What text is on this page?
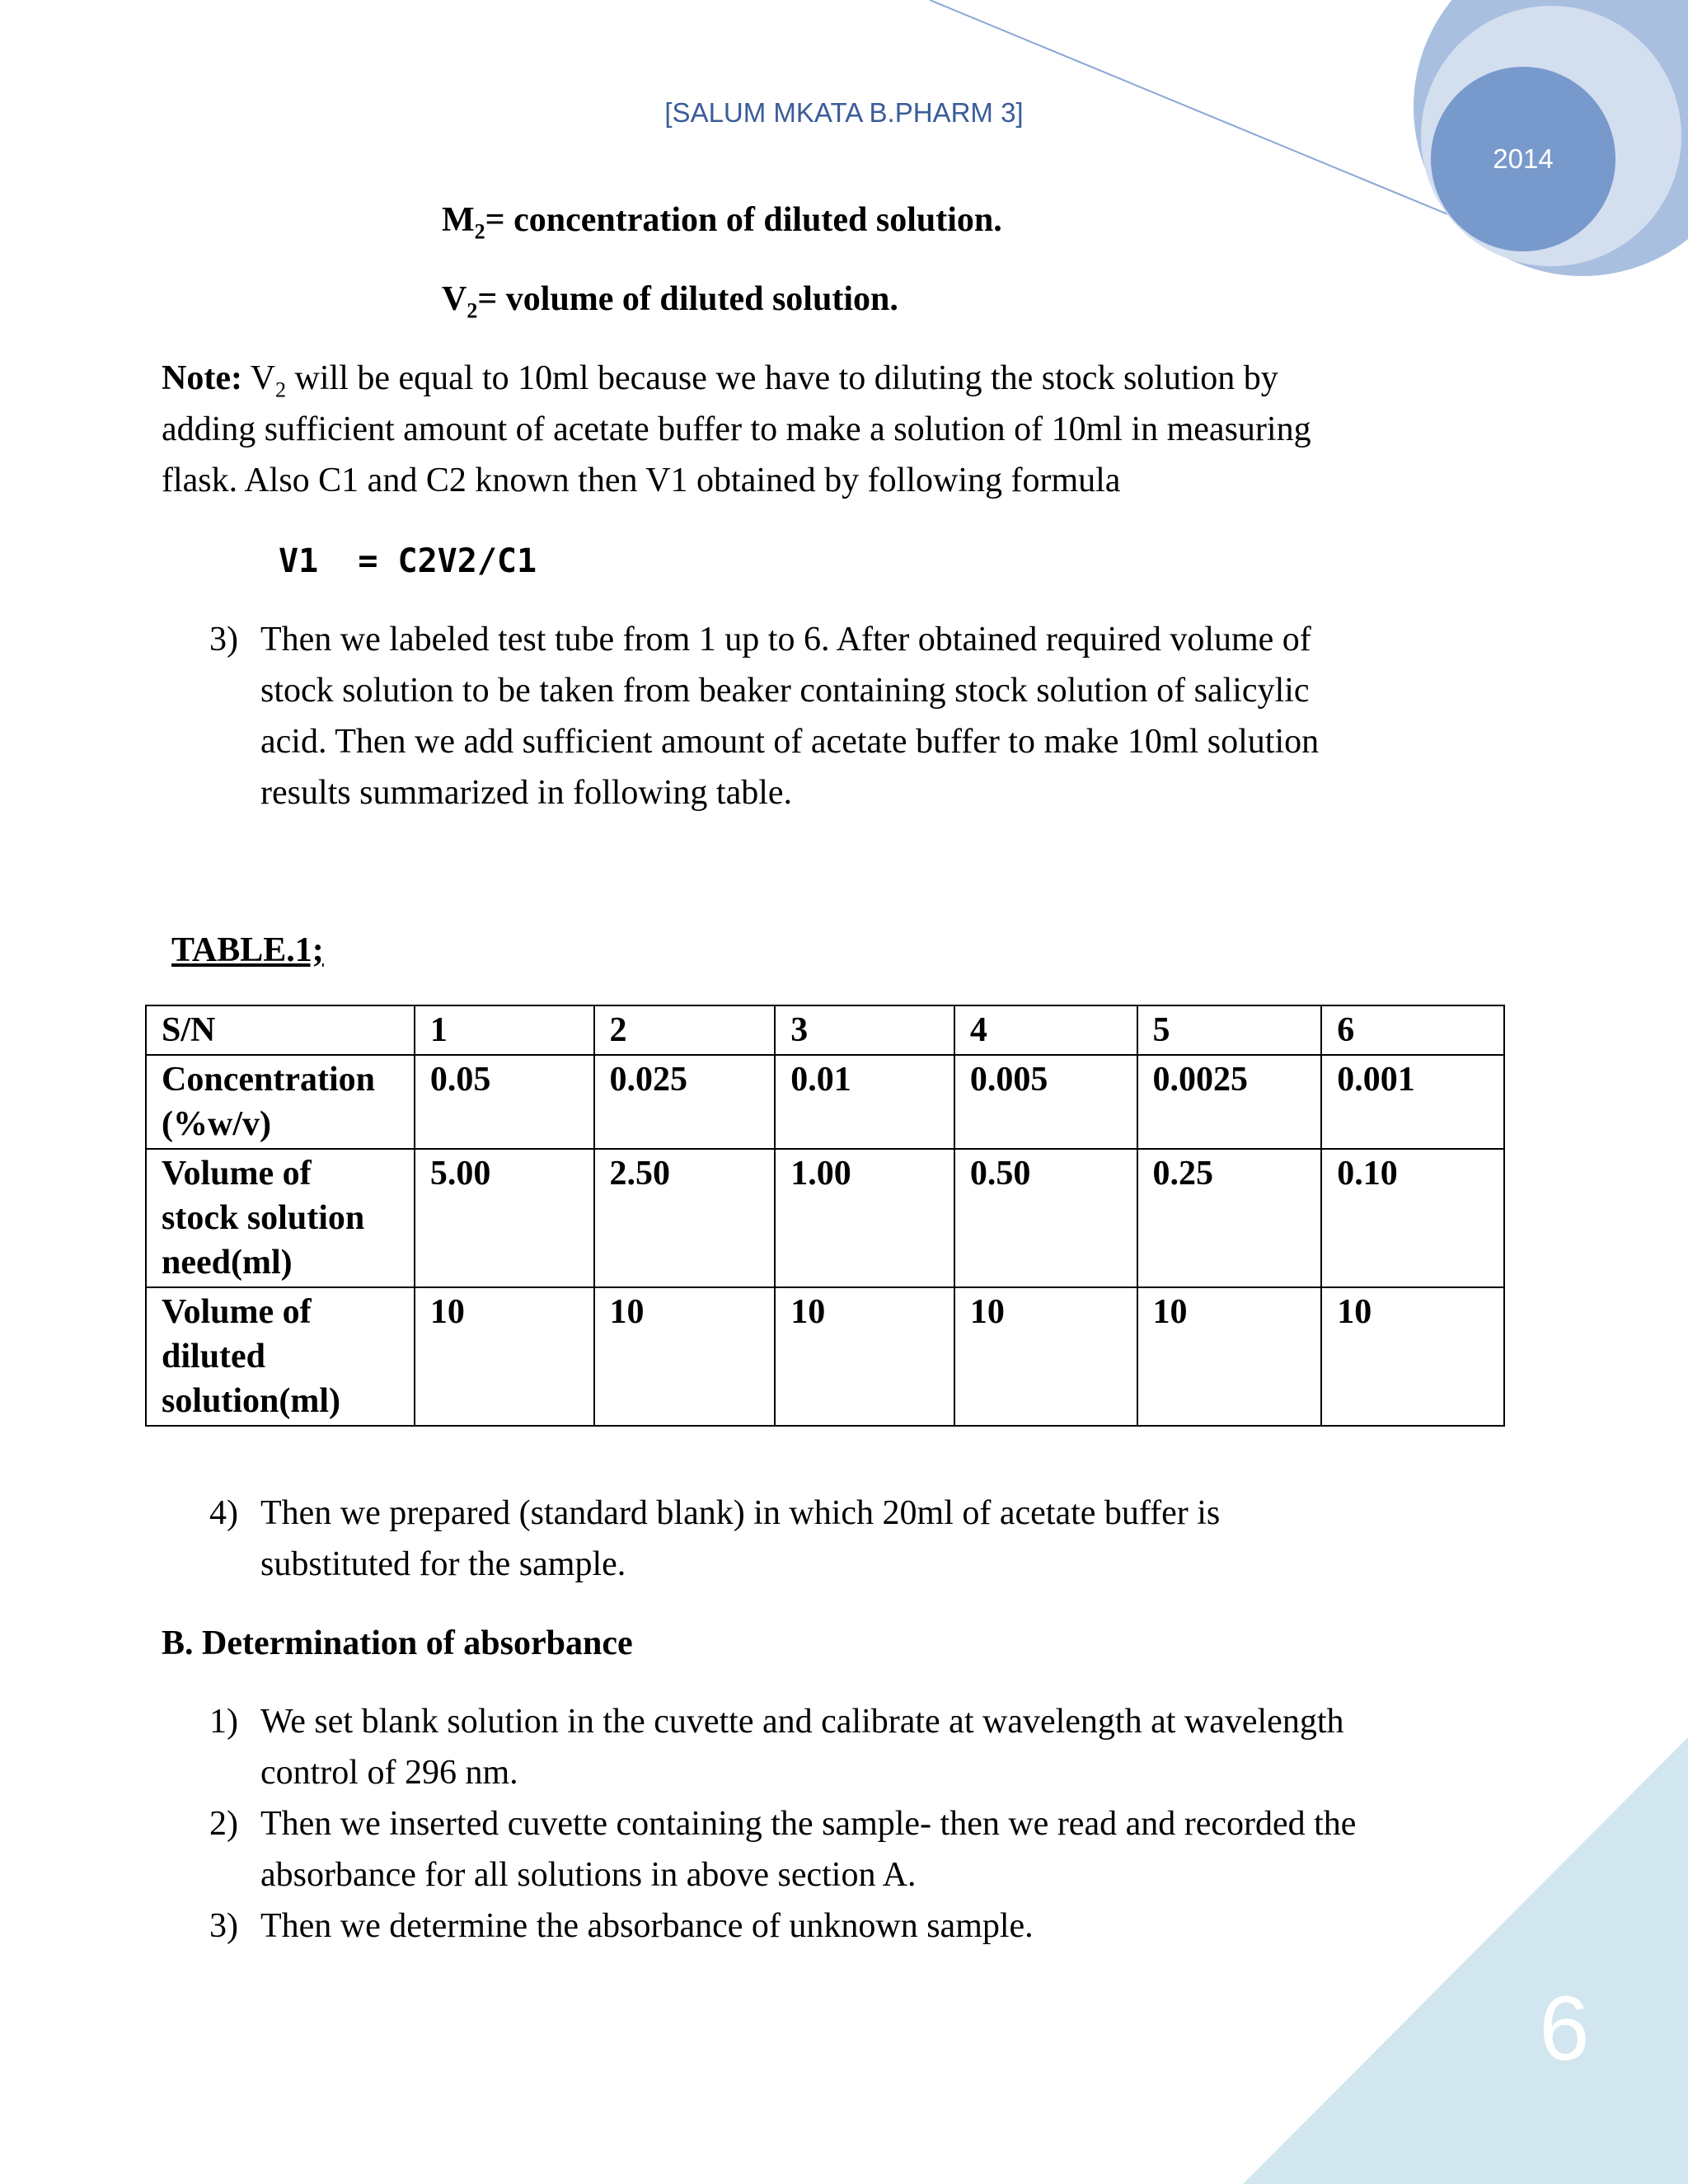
[SALUM MKATA B.PHARM 3]
2014
$M_2=$ concentration of diluted solution.
$V_2=$ volume of diluted solution.
Note: $V_2$ will be equal to 10ml because we have to diluting the stock solution by
adding sufficient amount of acetate buffer to make a solution of 10ml in measuring
flask. Also C1 and C2 known then V1 obtained by following formula
V1  = C2V2/C1
3) Then we labeled test tube from 1 up to 6. After obtained required volume of
stock solution to be taken from beaker containing stock solution of salicylic
acid. Then we add sufficient amount of acetate buffer to make 10ml solution
results summarized in following table.
TABLE.1;
S/N	1	2	3	4	5	6

Concentration
(%w/v)	0.05	0.025	0.01	0.005	0.0025	0.001

Volume of
stock solution
need(ml)	5.00	2.50	1.00	0.50	0.25	0.10

Volume of
diluted
solution(ml)	10	10	10	10	10	10
4) Then we prepared (standard blank) in which 20ml of acetate buffer is
substituted for the sample.
B. Determination of absorbance
1) We set blank solution in the cuvette and calibrate at wavelength at wavelength
control of 296 nm.
2) Then we inserted cuvette containing the sample- then we read and recorded the
absorbance for all solutions in above section A.
3) Then we determine the absorbance of unknown sample.
6
